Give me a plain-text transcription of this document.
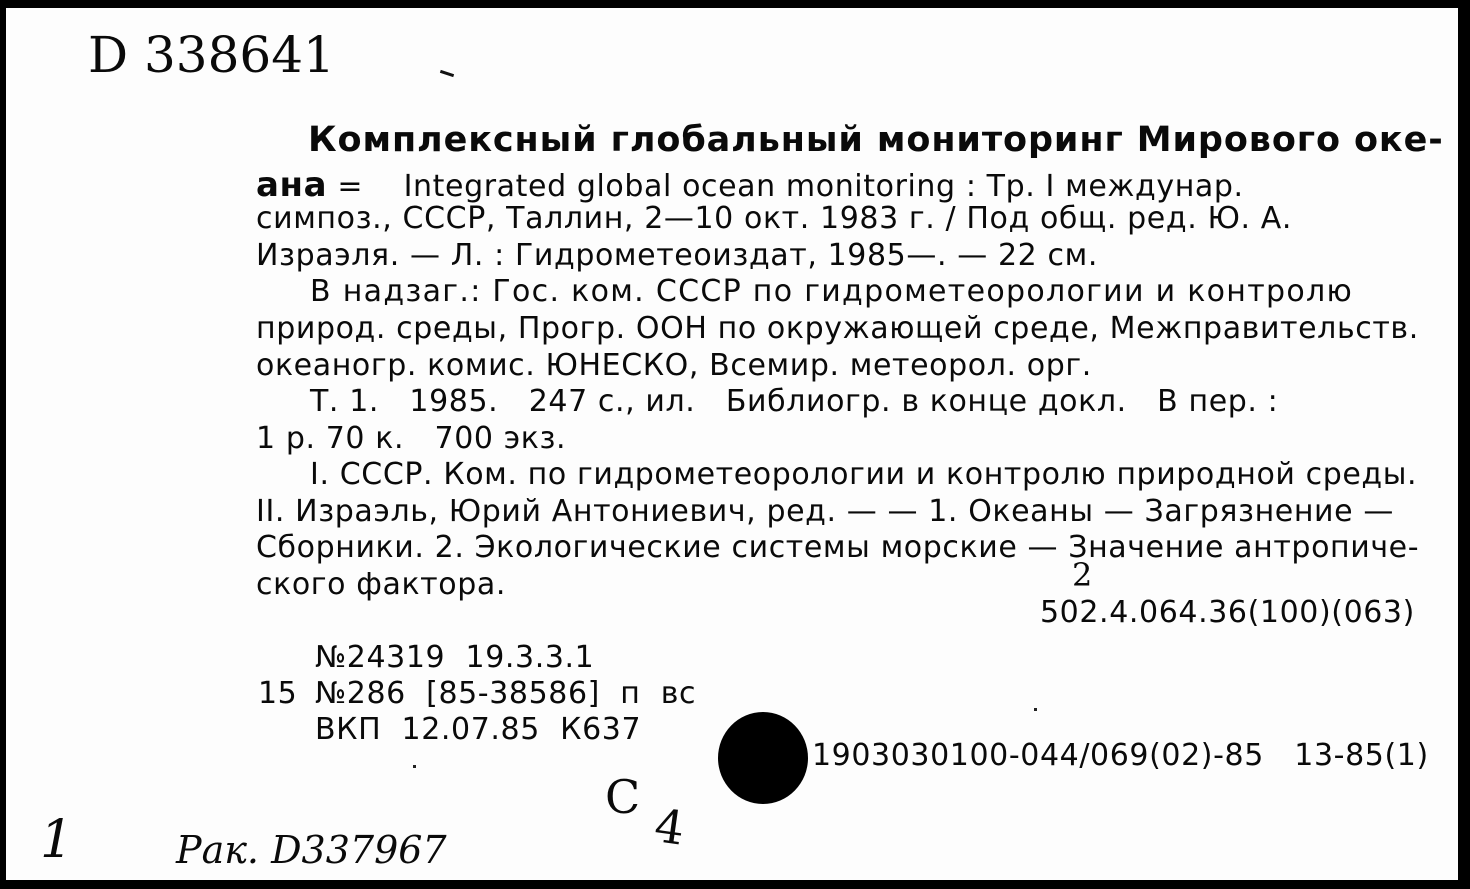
D 338641
Комплексный глобальный мониторинг Мирового оке-
ана =    Integrated global ocean monitoring : Тр. I междунар.
симпоз., СССР, Таллин, 2—10 окт. 1983 г. / Под общ. ред. Ю. А.
Израэля. — Л. : Гидрометеоиздат, 1985—. — 22 см.
В надзаг.: Гос. ком. СССР по гидрометеорологии и контролю
природ. среды, Прогр. ООН по окружающей среде, Межправительств.
океаногр. комис. ЮНЕСКО, Всемир. метеорол. орг.
Т. 1.   1985.   247 с., ил.   Библиогр. в конце докл.   В пер. :
1 р. 70 к.   700 экз.
I. СССР. Ком. по гидрометеорологии и контролю природной среды.
II. Израэль, Юрий Антониевич, ред. — — 1. Океаны — Загрязнение —
Сборники. 2. Экологические системы морские — Значение антропиче-
ского фактора.
502.4.064.36(100)(063)
2
№24319  19.3.3.1
15 №286  [85-38586]  п  вс
ВКП  12.07.85  К637
1903030100-044/069(02)-85   13-85(1)
С
4
1	Рак. D337967
